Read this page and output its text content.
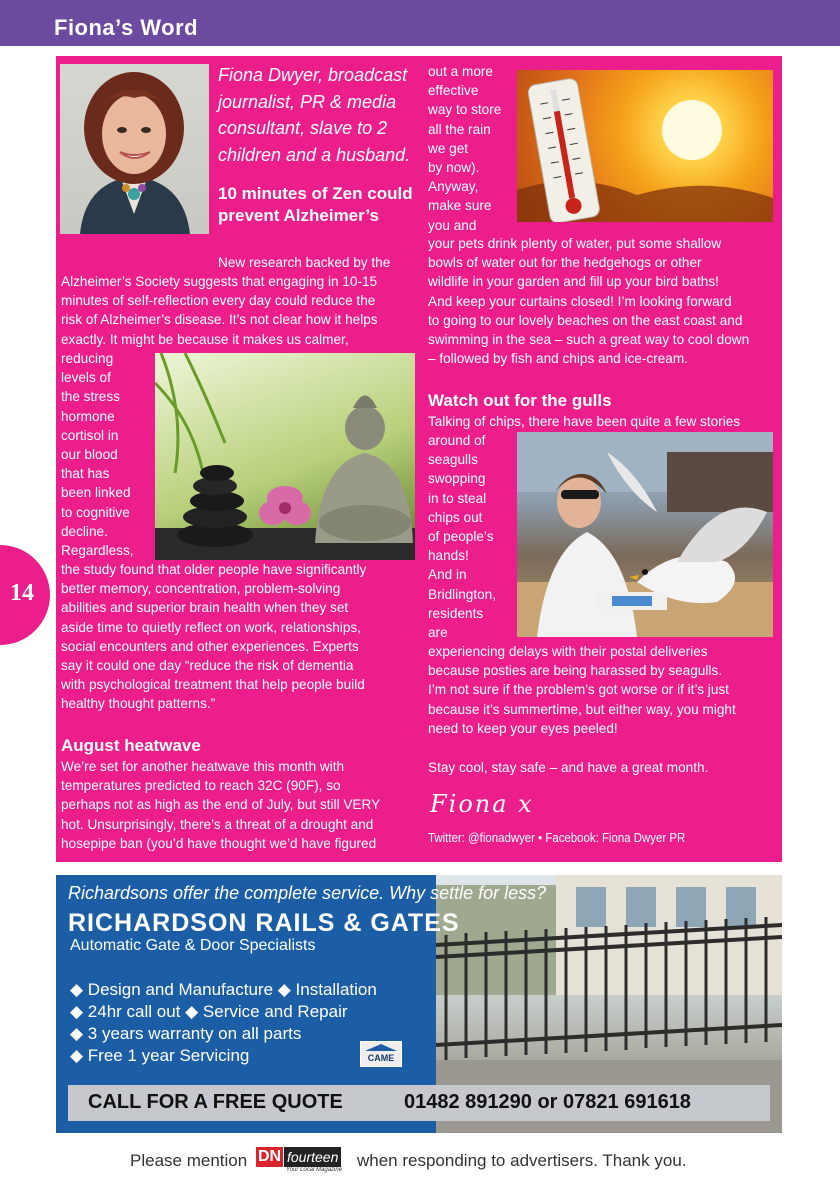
Fiona’s Word
14
Fiona Dwyer, broadcast journalist, PR & media consultant, slave to 2 children and a husband.
10 minutes of Zen could prevent Alzheimer’s
New research backed by the
Alzheimer’s Society suggests that engaging in 10-15
minutes of self-reflection every day could reduce the
risk of Alzheimer’s disease. It’s not clear how it helps
exactly. It might be because it makes us calmer,
reducing
levels of
the stress
hormone
cortisol in
our blood
that has
been linked
to cognitive
decline.
Regardless,
the study found that older people have significantly
better memory, concentration, problem-solving
abilities and superior brain health when they set
aside time to quietly reflect on work, relationships,
social encounters and other experiences. Experts
say it could one day “reduce the risk of dementia
with psychological treatment that help people build
healthy thought patterns.”
August heatwave
We’re set for another heatwave this month with
temperatures predicted to reach 32C (90F), so
perhaps not as high as the end of July, but still VERY
hot. Unsurprisingly, there’s a threat of a drought and
hosepipe ban (you’d have thought we’d have figured
out a more
effective
way to store
all the rain
we get
by now).
Anyway,
make sure
you and
your pets drink plenty of water, put some shallow
bowls of water out for the hedgehogs or other
wildlife in your garden and fill up your bird baths!
And keep your curtains closed! I’m looking forward
to going to our lovely beaches on the east coast and
swimming in the sea – such a great way to cool down
– followed by fish and chips and ice-cream.
Watch out for the gulls
Talking of chips, there have been quite a few stories
around of
seagulls
swopping
in to steal
chips out
of people’s
hands!
And in
Bridlington,
residents
are
experiencing delays with their postal deliveries
because posties are being harassed by seagulls.
I’m not sure if the problem’s got worse or if it’s just
because it’s summertime, but either way, you might
need to keep your eyes peeled!
Stay cool, stay safe – and have a great month.
Fiona x
Twitter: @fionadwyer • Facebook: Fiona Dwyer PR
Richardsons offer the complete service. Why settle for less?
RICHARDSON RAILS & GATES
Automatic Gate & Door Specialists
◆ Design and Manufacture ◆ Installation
◆ 24hr call out ◆ Service and Repair
◆ 3 years warranty on all parts
◆ Free 1 year Servicing	CAME
CALL FOR A FREE QUOTE	01482 891290 or 07821 691618
Please mention DN fourteen
Your Local Magazine when responding to advertisers. Thank you.
